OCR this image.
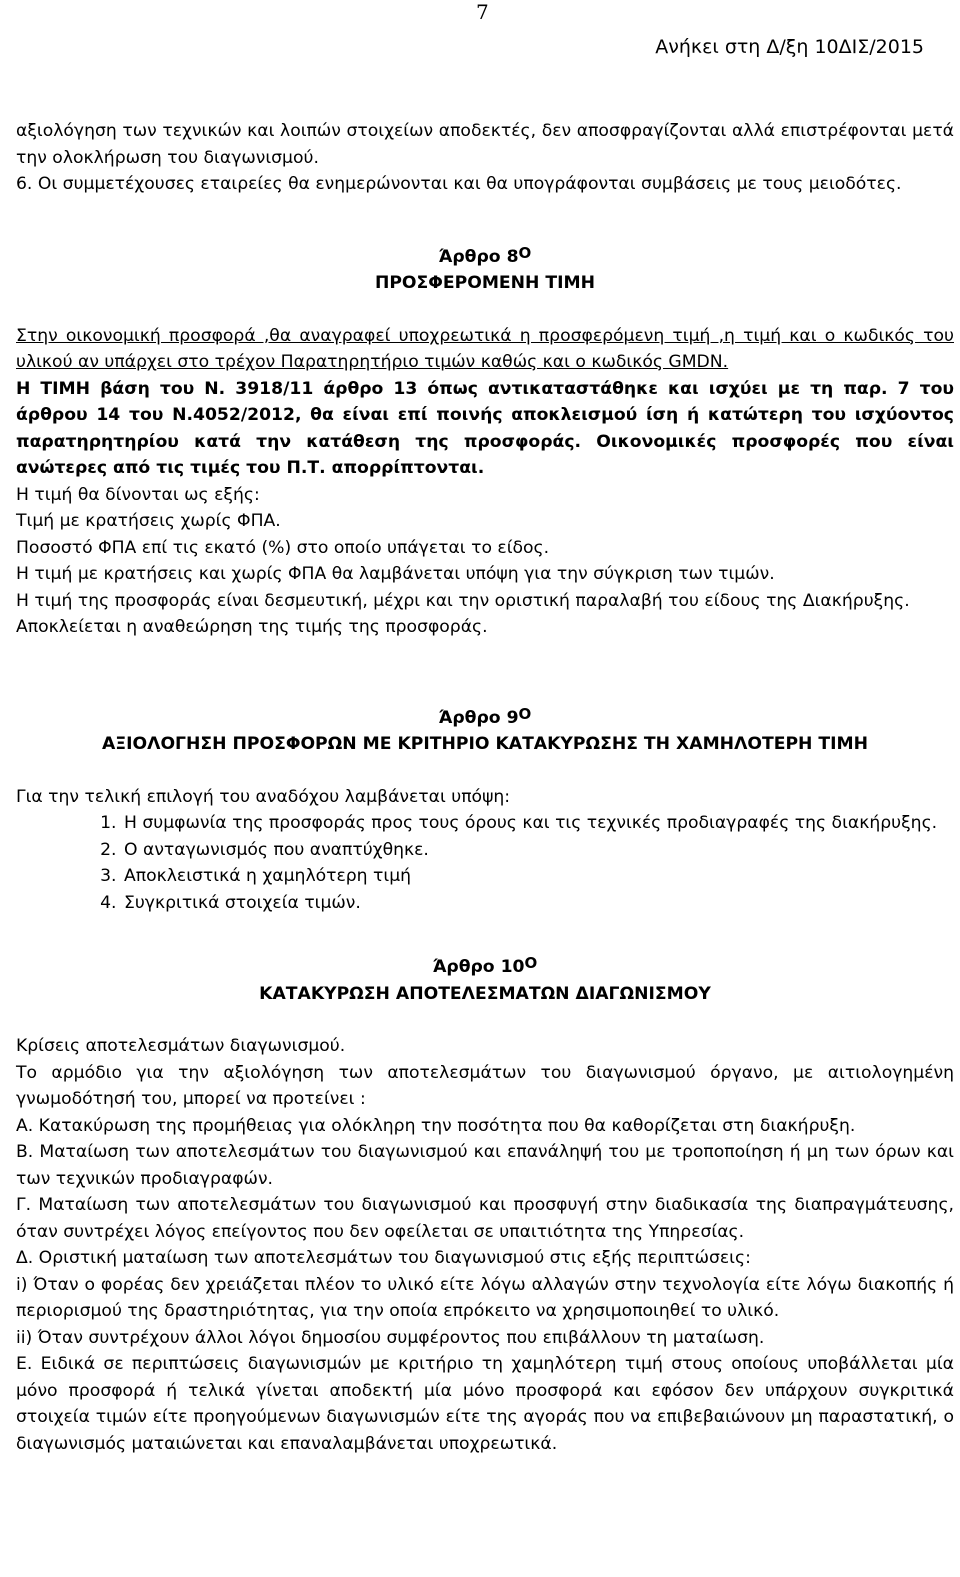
7
Ανήκει στη Δ/ξη 10ΔΙΣ/2015

αξιολόγηση των τεχνικών και λοιπών στοιχείων αποδεκτές, δεν αποσφραγίζονται αλλά επιστρέφονται μετά την ολοκλήρωση του διαγωνισμού.

6. Οι συμμετέχουσες εταιρείες θα ενημερώνονται και θα υπογράφονται συμβάσεις με τους μειοδότες.

Άρθρο $8^O$
ΠΡΟΣΦΕΡΟΜΕΝΗ ΤΙΜΗ

Στην οικονομική προσφορά ,θα αναγραφεί υποχρεωτικά η προσφερόμενη τιμή ,η τιμή και ο κωδικός του υλικού αν υπάρχει στο τρέχον Παρατηρητήριο τιμών καθώς και ο κωδικός GMDN.

Η ΤΙΜΗ βάση του Ν. 3918/11 άρθρο 13 όπως αντικαταστάθηκε και ισχύει με τη παρ. 7 του άρθρου 14 του Ν.4052/2012, θα είναι επί ποινής αποκλεισμού ίση ή κατώτερη του ισχύοντος παρατηρητηρίου κατά την κατάθεση της προσφοράς. Οικονομικές προσφορές που είναι ανώτερες από τις τιμές του Π.Τ. απορρίπτονται.

Η τιμή θα δίνονται ως εξής:

Τιμή με κρατήσεις χωρίς ΦΠΑ.

Ποσοστό ΦΠΑ επί τις εκατό (%) στο οποίο υπάγεται το είδος.

Η τιμή με κρατήσεις και χωρίς ΦΠΑ θα λαμβάνεται υπόψη για την σύγκριση των τιμών.

Η τιμή της προσφοράς είναι δεσμευτική, μέχρι και την οριστική παραλαβή του είδους της Διακήρυξης.

Αποκλείεται η αναθεώρηση της τιμής της προσφοράς.

Άρθρο $9^O$
ΑΞΙΟΛΟΓΗΣΗ ΠΡΟΣΦΟΡΩΝ ΜΕ ΚΡΙΤΗΡΙΟ ΚΑΤΑΚΥΡΩΣΗΣ ΤΗ ΧΑΜΗΛΟΤΕΡΗ ΤΙΜΗ

Για την τελική επιλογή του αναδόχου λαμβάνεται υπόψη:

1. Η συμφωνία της προσφοράς προς τους όρους και τις τεχνικές προδιαγραφές της διακήρυξης.
2. Ο ανταγωνισμός που αναπτύχθηκε.
3. Αποκλειστικά η χαμηλότερη τιμή
4. Συγκριτικά στοιχεία τιμών.
Άρθρο $10^O$
ΚΑΤΑΚΥΡΩΣΗ ΑΠΟΤΕΛΕΣΜΑΤΩΝ ΔΙΑΓΩΝΙΣΜΟΥ

Κρίσεις αποτελεσμάτων διαγωνισμού.

Το αρμόδιο για την αξιολόγηση των αποτελεσμάτων του διαγωνισμού όργανο, με αιτιολογημένη γνωμοδότησή του, μπορεί να προτείνει :

Α. Κατακύρωση της προμήθειας για ολόκληρη την ποσότητα που θα καθορίζεται στη διακήρυξη.

Β. Ματαίωση των αποτελεσμάτων του διαγωνισμού και επανάληψή του με τροποποίηση ή μη των όρων και των τεχνικών προδιαγραφών.

Γ. Ματαίωση των αποτελεσμάτων του διαγωνισμού και προσφυγή στην διαδικασία της διαπραγμάτευσης, όταν συντρέχει λόγος επείγοντος που δεν οφείλεται σε υπαιτιότητα της Υπηρεσίας.

Δ. Οριστική ματαίωση των αποτελεσμάτων του διαγωνισμού στις εξής περιπτώσεις:

i) Όταν ο φορέας δεν χρειάζεται πλέον το υλικό είτε λόγω αλλαγών στην τεχνολογία είτε λόγω διακοπής ή περιορισμού της δραστηριότητας, για την οποία επρόκειτο να χρησιμοποιηθεί το υλικό.

ii) Όταν συντρέχουν άλλοι λόγοι δημοσίου συμφέροντος που επιβάλλουν τη ματαίωση.

Ε. Ειδικά σε περιπτώσεις διαγωνισμών με κριτήριο τη χαμηλότερη τιμή στους οποίους υποβάλλεται μία μόνο προσφορά ή τελικά γίνεται αποδεκτή μία μόνο προσφορά και εφόσον δεν υπάρχουν συγκριτικά στοιχεία τιμών είτε προηγούμενων διαγωνισμών είτε της αγοράς που να επιβεβαιώνουν μη παραστατική, ο διαγωνισμός ματαιώνεται και επαναλαμβάνεται υποχρεωτικά.
